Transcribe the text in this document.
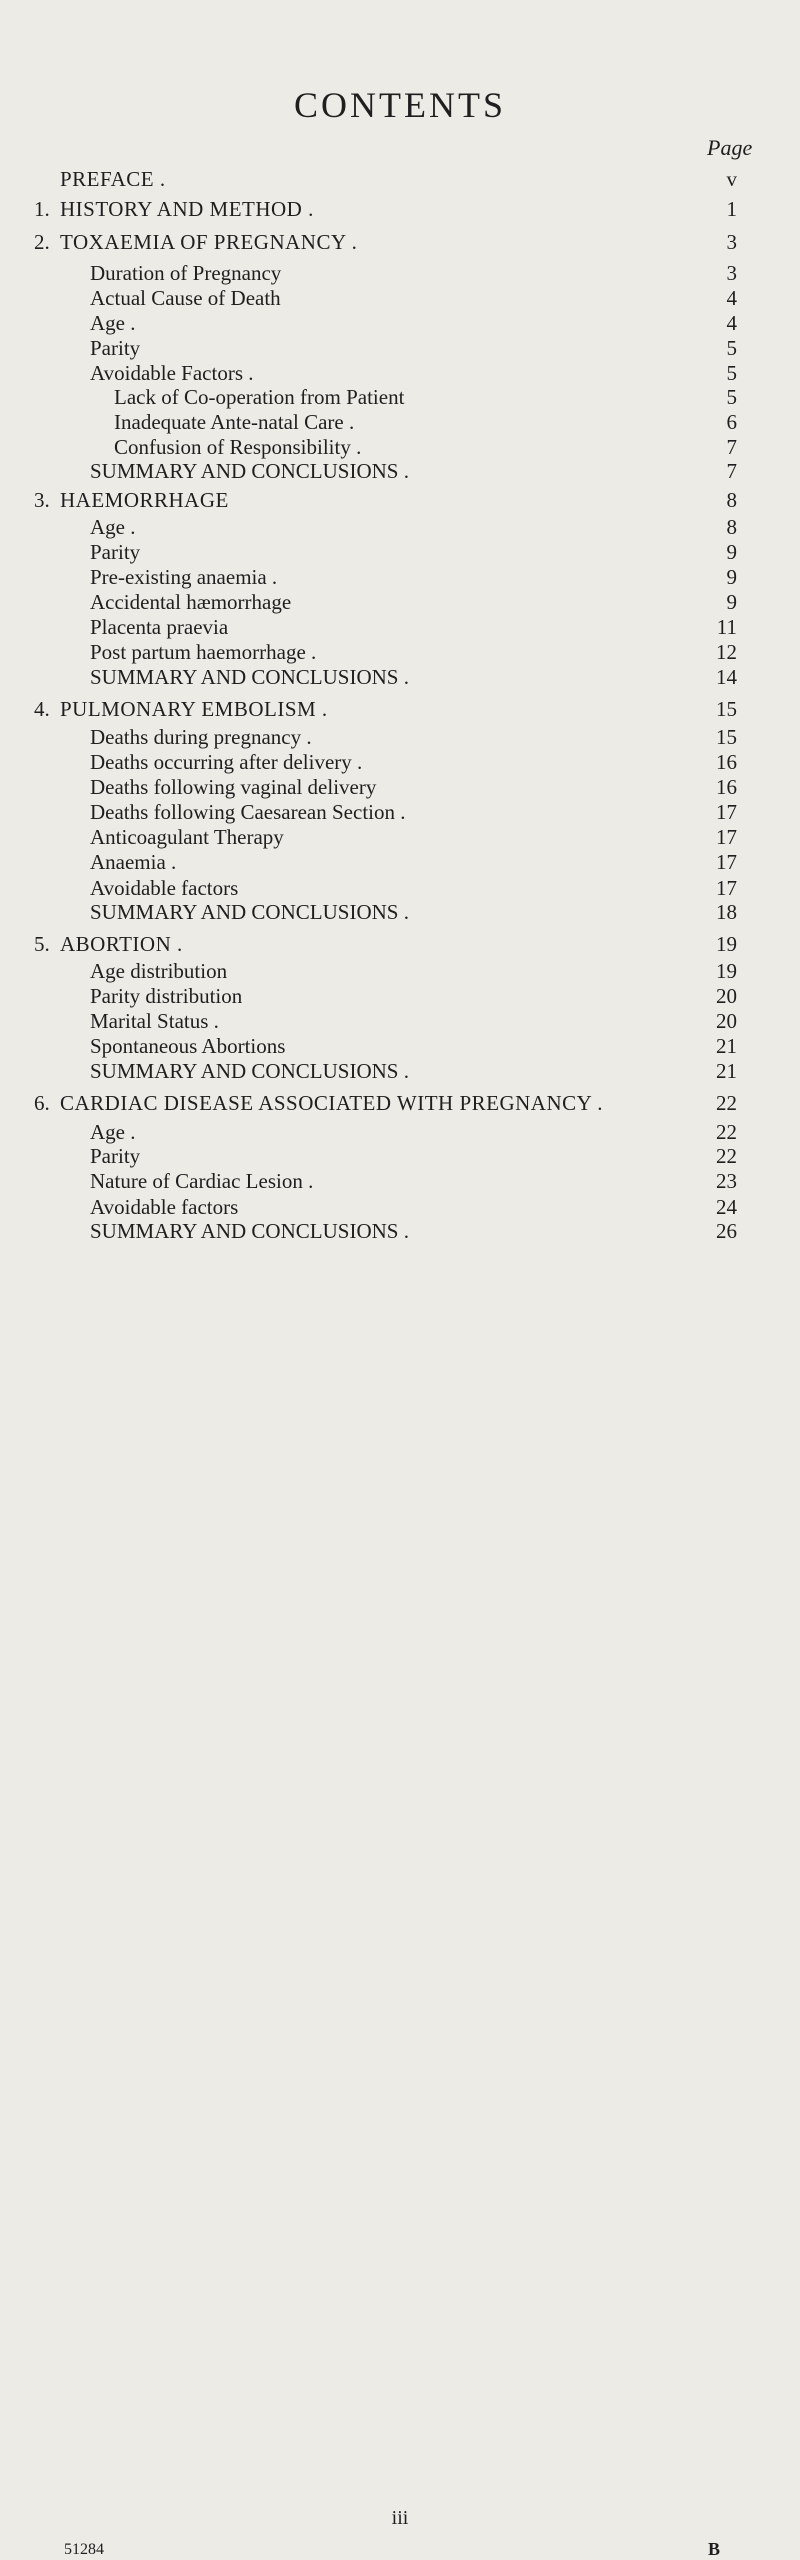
CONTENTS
Page
PREFACE .	v
1. HISTORY AND METHOD .	1
2. TOXAEMIA OF PREGNANCY .	3
Duration of Pregnancy	3
Actual Cause of Death	4
Age .	4
Parity	5
Avoidable Factors .	5
Lack of Co-operation from Patient	5
Inadequate Ante-natal Care .	6
Confusion of Responsibility .	7
SUMMARY AND CONCLUSIONS .	7
3. HAEMORRHAGE	8
Age .	8
Parity	9
Pre-existing anaemia .	9
Accidental hæmorrhage	9
Placenta praevia	11
Post partum haemorrhage .	12
SUMMARY AND CONCLUSIONS .	14
4. PULMONARY EMBOLISM .	15
Deaths during pregnancy .	15
Deaths occurring after delivery .	16
Deaths following vaginal delivery	16
Deaths following Caesarean Section .	17
Anticoagulant Therapy	17
Anaemia .	17
Avoidable factors	17
SUMMARY AND CONCLUSIONS .	18
5. ABORTION .	19
Age distribution	19
Parity distribution	20
Marital Status .	20
Spontaneous Abortions	21
SUMMARY AND CONCLUSIONS .	21
6. CARDIAC DISEASE ASSOCIATED WITH PREGNANCY .	22
Age .	22
Parity	22
Nature of Cardiac Lesion .	23
Avoidable factors	24
SUMMARY AND CONCLUSIONS .	26
iii
51284	B
